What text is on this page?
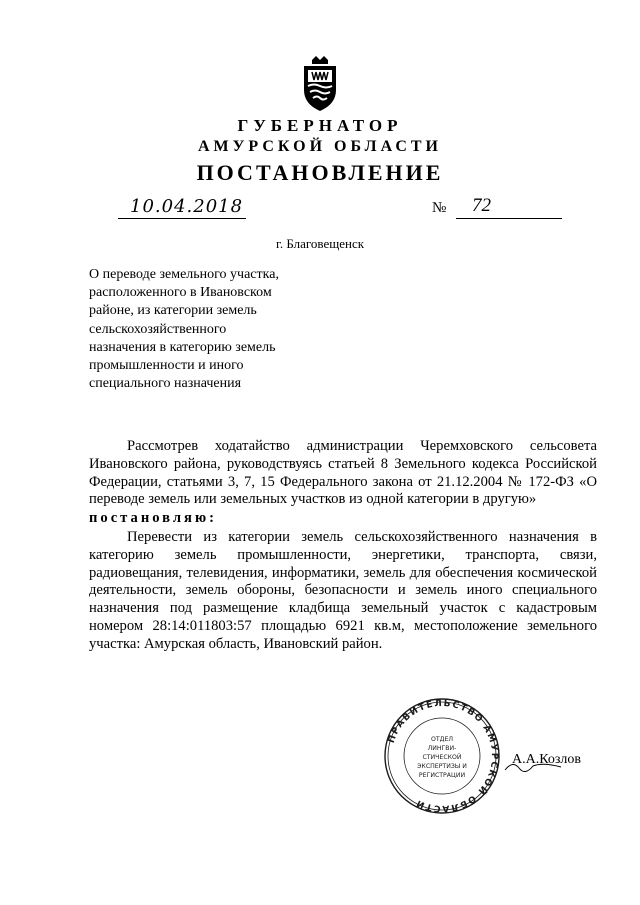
ГУБЕРНАТОР
АМУРСКОЙ ОБЛАСТИ
ПОСТАНОВЛЕНИЕ
10.04.2018	№ 72
г. Благовещенск
О переводе земельного участка,
расположенного в Ивановском
районе, из категории земель
сельскохозяйственного
назначения в категорию земель
промышленности и иного
специального назначения

Рассмотрев ходатайство администрации Черемховского сельсовета Ивановского района, руководствуясь статьей 8 Земельного кодекса Российской Федерации, статьями 3, 7, 15 Федерального закона от 21.12.2004 № 172-ФЗ «О переводе земель или земельных участков из одной категории в другую»

постановляю:

Перевести из категории земель сельскохозяйственного назначения в категорию земель промышленности, энергетики, транспорта, связи, радиовещания, телевидения, информатики, земель для обеспечения космической деятельности, земель обороны, безопасности и земель иного специального назначения под размещение кладбища земельный участок с кадастровым номером 28:14:011803:57 площадью 6921 кв.м, местоположение земельного участка: Амурская область, Ивановский район.

ПРАВИТЕЛЬСТВО АМУРСКОЙ ОБЛАСТИ
ОТДЕЛ
ЛИНГВИ-
СТИЧЕСКОЙ
ЭКСПЕРТИЗЫ И
РЕГИСТРАЦИИ
А.А.Козлов
